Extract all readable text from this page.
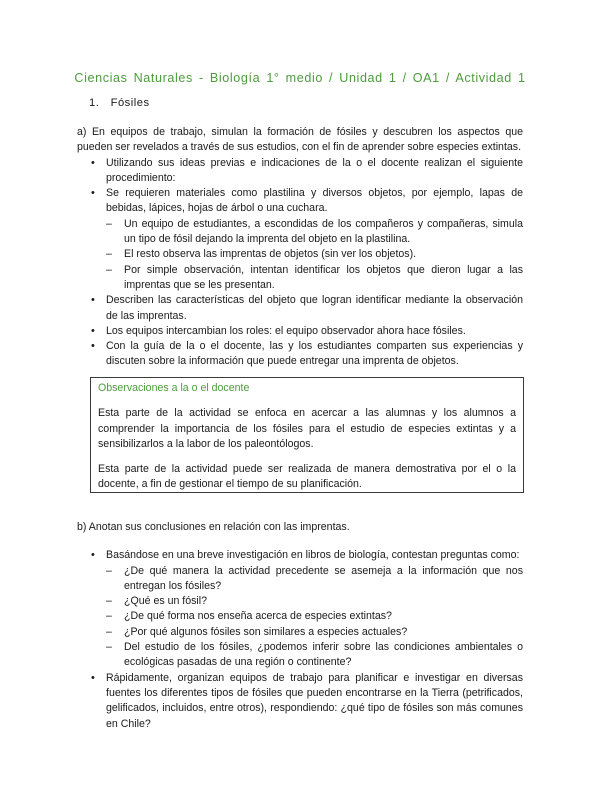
Ciencias Naturales - Biología 1° medio / Unidad 1 / OA1 / Actividad 1
1. Fósiles

a) En equipos de trabajo, simulan la formación de fósiles y descubren los aspectos que pueden ser revelados a través de sus estudios, con el fin de aprender sobre especies extintas.

• Utilizando sus ideas previas e indicaciones de la o el docente realizan el siguiente procedimiento:
• Se requieren materiales como plastilina y diversos objetos, por ejemplo, lapas de bebidas, lápices, hojas de árbol o una cuchara.
– Un equipo de estudiantes, a escondidas de los compañeros y compañeras, simula un tipo de fósil dejando la imprenta del objeto en la plastilina.
– El resto observa las imprentas de objetos (sin ver los objetos).
– Por simple observación, intentan identificar los objetos que dieron lugar a las imprentas que se les presentan.
• Describen las características del objeto que logran identificar mediante la observación de las imprentas.
• Los equipos intercambian los roles: el equipo observador ahora hace fósiles.
• Con la guía de la o el docente, las y los estudiantes comparten sus experiencias y discuten sobre la información que puede entregar una imprenta de objetos.
Observaciones a la o el docente

Esta parte de la actividad se enfoca en acercar a las alumnas y los alumnos a comprender la importancia de los fósiles para el estudio de especies extintas y a sensibilizarlos a la labor de los paleontólogos.

Esta parte de la actividad puede ser realizada de manera demostrativa por el o la docente, a fin de gestionar el tiempo de su planificación.

b) Anotan sus conclusiones en relación con las imprentas.

• Basándose en una breve investigación en libros de biología, contestan preguntas como:
– ¿De qué manera la actividad precedente se asemeja a la información que nos entregan los fósiles?
– ¿Qué es un fósil?
– ¿De qué forma nos enseña acerca de especies extintas?
– ¿Por qué algunos fósiles son similares a especies actuales?
– Del estudio de los fósiles, ¿podemos inferir sobre las condiciones ambientales o ecológicas pasadas de una región o continente?
• Rápidamente, organizan equipos de trabajo para planificar e investigar en diversas fuentes los diferentes tipos de fósiles que pueden encontrarse en la Tierra (petrificados, gelificados, incluidos, entre otros), respondiendo: ¿qué tipo de fósiles son más comunes en Chile?
